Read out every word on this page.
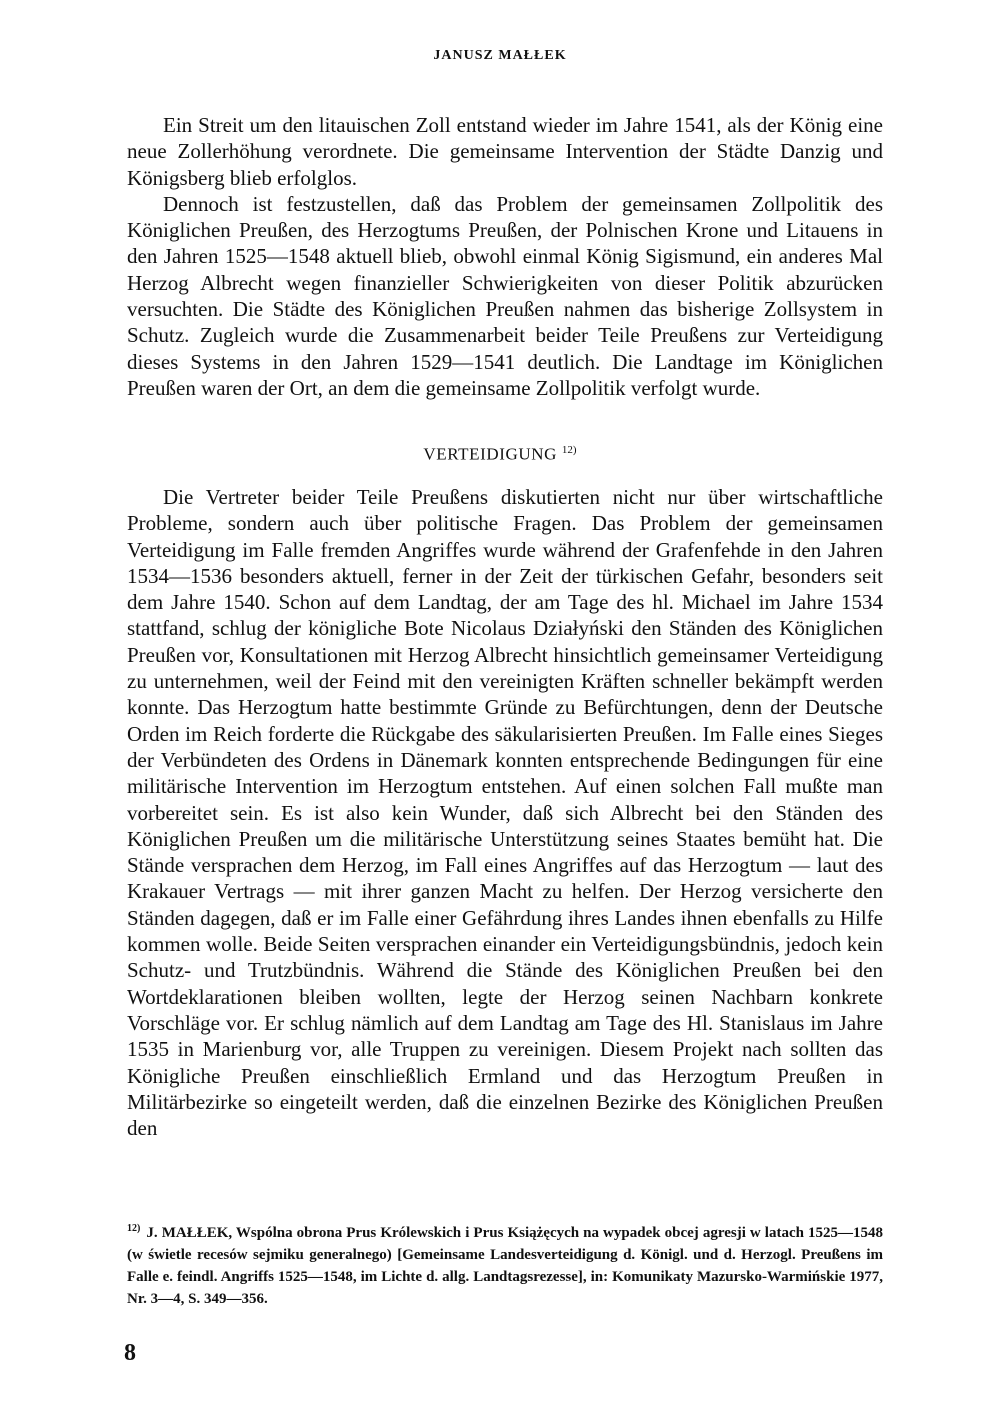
JANUSZ MAŁŁEK

Ein Streit um den litauischen Zoll entstand wieder im Jahre 1541, als der König eine neue Zollerhöhung verordnete. Die gemeinsame Intervention der Städte Danzig und Königsberg blieb erfolglos.

Dennoch ist festzustellen, daß das Problem der gemeinsamen Zollpolitik des Königlichen Preußen, des Herzogtums Preußen, der Polnischen Krone und Litauens in den Jahren 1525—1548 aktuell blieb, obwohl einmal König Sigismund, ein anderes Mal Herzog Albrecht wegen finanzieller Schwierigkeiten von dieser Politik abzurücken versuchten. Die Städte des Königlichen Preußen nahmen das bisherige Zollsystem in Schutz. Zugleich wurde die Zusammenarbeit beider Teile Preußens zur Verteidigung dieses Systems in den Jahren 1529—1541 deutlich. Die Landtage im Königlichen Preußen waren der Ort, an dem die gemeinsame Zollpolitik verfolgt wurde.

VERTEIDIGUNG $^{12)}$

Die Vertreter beider Teile Preußens diskutierten nicht nur über wirtschaftliche Probleme, sondern auch über politische Fragen. Das Problem der gemeinsamen Verteidigung im Falle fremden Angriffes wurde während der Grafenfehde in den Jahren 1534—1536 besonders aktuell, ferner in der Zeit der türkischen Gefahr, besonders seit dem Jahre 1540. Schon auf dem Landtag, der am Tage des hl. Michael im Jahre 1534 stattfand, schlug der königliche Bote Nicolaus Działyński den Ständen des Königlichen Preußen vor, Konsultationen mit Herzog Albrecht hinsichtlich gemeinsamer Verteidigung zu unternehmen, weil der Feind mit den vereinigten Kräften schneller bekämpft werden konnte. Das Herzogtum hatte bestimmte Gründe zu Befürchtungen, denn der Deutsche Orden im Reich forderte die Rückgabe des säkularisierten Preußen. Im Falle eines Sieges der Verbündeten des Ordens in Dänemark konnten entsprechende Bedingungen für eine militärische Intervention im Herzogtum entstehen. Auf einen solchen Fall mußte man vorbereitet sein. Es ist also kein Wunder, daß sich Albrecht bei den Ständen des Königlichen Preußen um die militärische Unterstützung seines Staates bemüht hat. Die Stände versprachen dem Herzog, im Fall eines Angriffes auf das Herzogtum — laut des Krakauer Vertrags — mit ihrer ganzen Macht zu helfen. Der Herzog versicherte den Ständen dagegen, daß er im Falle einer Gefährdung ihres Landes ihnen ebenfalls zu Hilfe kommen wolle. Beide Seiten versprachen einander ein Verteidigungsbündnis, jedoch kein Schutz- und Trutzbündnis. Während die Stände des Königlichen Preußen bei den Wortdeklarationen bleiben wollten, legte der Herzog seinen Nachbarn konkrete Vorschläge vor. Er schlug nämlich auf dem Landtag am Tage des Hl. Stanislaus im Jahre 1535 in Marienburg vor, alle Truppen zu vereinigen. Diesem Projekt nach sollten das Königliche Preußen einschließlich Ermland und das Herzogtum Preußen in Militärbezirke so eingeteilt werden, daß die einzelnen Bezirke des Königlichen Preußen den

$^{12)}$ J. MAŁŁEK, Wspólna obrona Prus Królewskich i Prus Książęcych na wypadek obcej agresji w latach 1525—1548 (w świetle recesów sejmiku generalnego) [Gemeinsame Landesverteidigung d. Königl. und d. Herzogl. Preußens im Falle e. feindl. Angriffs 1525—1548, im Lichte d. allg. Landtagsrezesse], in: Komunikaty Mazursko-Warmińskie 1977, Nr. 3—4, S. 349—356.
8
